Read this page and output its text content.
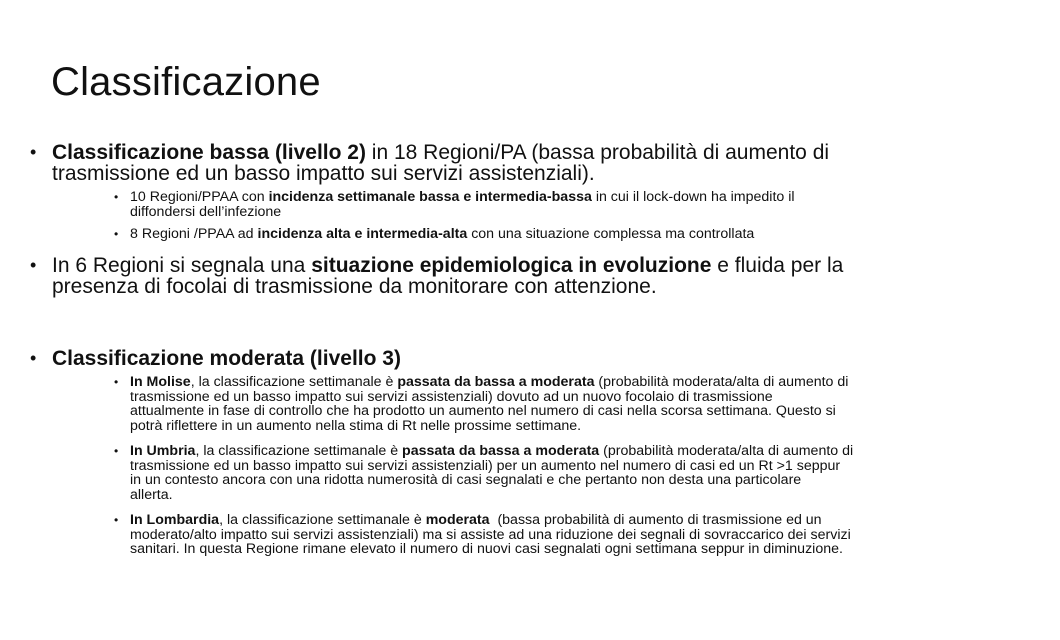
Classificazione
• Classificazione bassa (livello 2) in 18 Regioni/PA (bassa probabilità di aumento di
trasmissione ed un basso impatto sui servizi assistenziali).
• 10 Regioni/PPAA con incidenza settimanale bassa e intermedia-bassa in cui il lock-down ha impedito il
diffondersi dell’infezione
• 8 Regioni /PPAA ad incidenza alta e intermedia-alta con una situazione complessa ma controllata
• In 6 Regioni si segnala una situazione epidemiologica in evoluzione e fluida per la
presenza di focolai di trasmissione da monitorare con attenzione.
• Classificazione moderata (livello 3)
• In Molise, la classificazione settimanale è passata da bassa a moderata (probabilità moderata/alta di aumento di
trasmissione ed un basso impatto sui servizi assistenziali) dovuto ad un nuovo focolaio di trasmissione
attualmente in fase di controllo che ha prodotto un aumento nel numero di casi nella scorsa settimana. Questo si
potrà riflettere in un aumento nella stima di Rt nelle prossime settimane.
• In Umbria, la classificazione settimanale è passata da bassa a moderata (probabilità moderata/alta di aumento di
trasmissione ed un basso impatto sui servizi assistenziali) per un aumento nel numero di casi ed un Rt >1 seppur
in un contesto ancora con una ridotta numerosità di casi segnalati e che pertanto non desta una particolare
allerta.
• In Lombardia, la classificazione settimanale è moderata  (bassa probabilità di aumento di trasmissione ed un
moderato/alto impatto sui servizi assistenziali) ma si assiste ad una riduzione dei segnali di sovraccarico dei servizi
sanitari. In questa Regione rimane elevato il numero di nuovi casi segnalati ogni settimana seppur in diminuzione.
